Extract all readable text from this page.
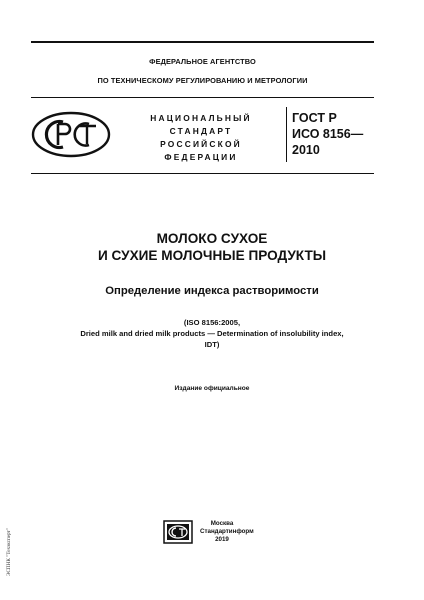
ФЕДЕРАЛЬНОЕ АГЕНТСТВО
ПО ТЕХНИЧЕСКОМУ РЕГУЛИРОВАНИЮ И МЕТРОЛОГИИ
НАЦИОНАЛЬНЫЙ
СТАНДАРТ
РОССИЙСКОЙ
ФЕДЕРАЦИИ
ГОСТ Р
ИСО 8156—
2010
МОЛОКО СУХОЕ
И СУХИЕ МОЛОЧНЫЕ ПРОДУКТЫ
Определение индекса растворимости
(ISO 8156:2005,
Dried milk and dried milk products — Determination of insolubility index,
IDT)
Издание официальное
Москва
Стандартинформ
2019
ЭСПНК "Техэксперт"
